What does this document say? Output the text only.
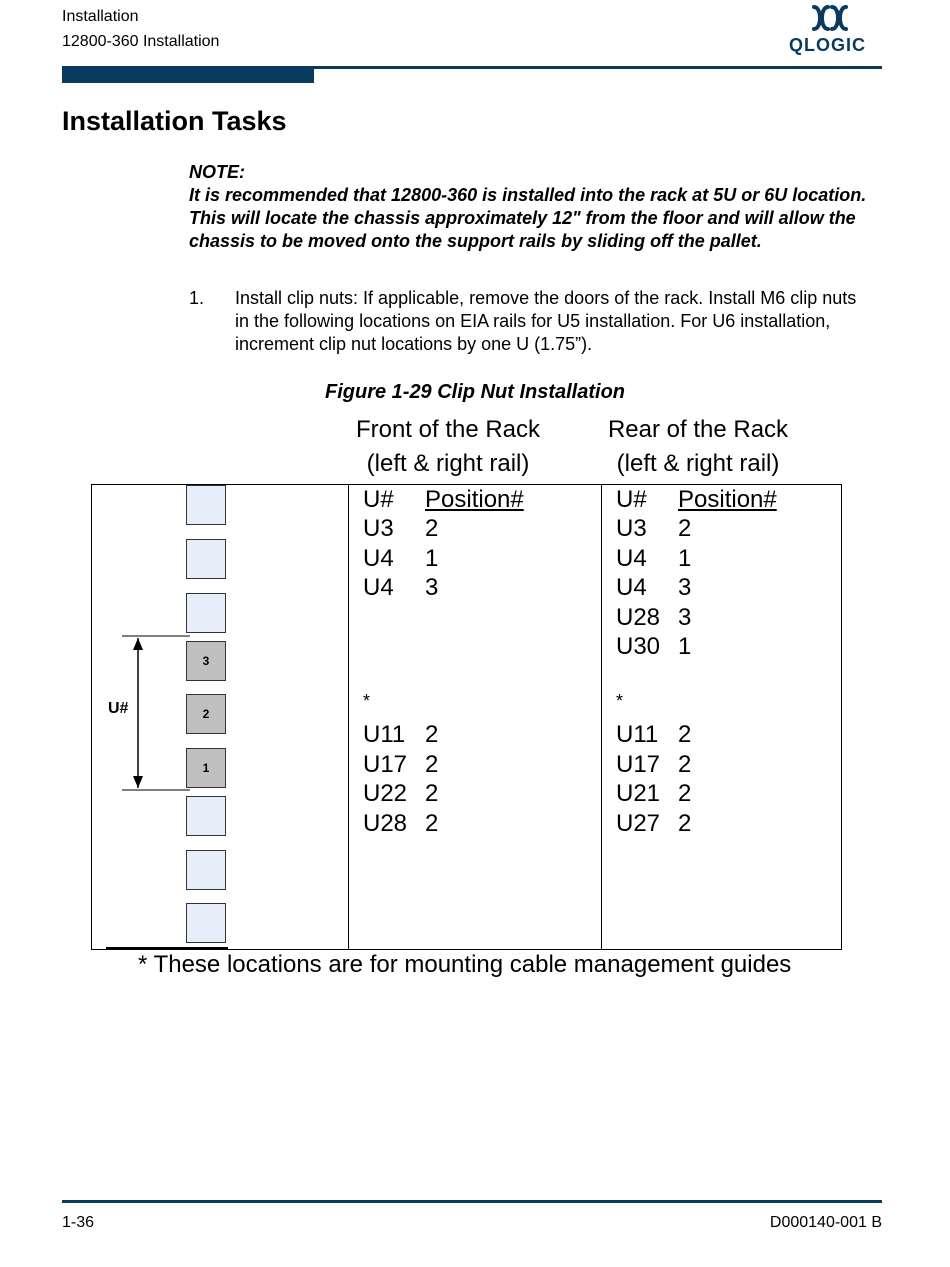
Installation
12800-360 Installation	QLOGIC
Installation Tasks
NOTE:
It is recommended that 12800-360 is installed into the rack at 5U or 6U location. This will locate the chassis approximately 12" from the floor and will allow the chassis to be moved onto the support rails by sliding off the pallet.
1. Install clip nuts: If applicable, remove the doors of the rack. Install M6 clip nuts in the following locations on EIA rails for U5 installation. For U6 installation, increment clip nut locations by one U (1.75”).
Figure 1-29 Clip Nut Installation
Front of the Rack
(left & right rail)
Rear of the Rack
(left & right rail)
3
2
1
U#
U# Position#
U3 2
U4 1
U4 3
*
U11 2
U17 2
U22 2
U28 2
U# Position#
U3 2
U4 1
U4 3
U28 3
U30 1
*
U11 2
U17 2
U21 2
U27 2
* These locations are for mounting cable management guides
1-36	D000140-001 B
